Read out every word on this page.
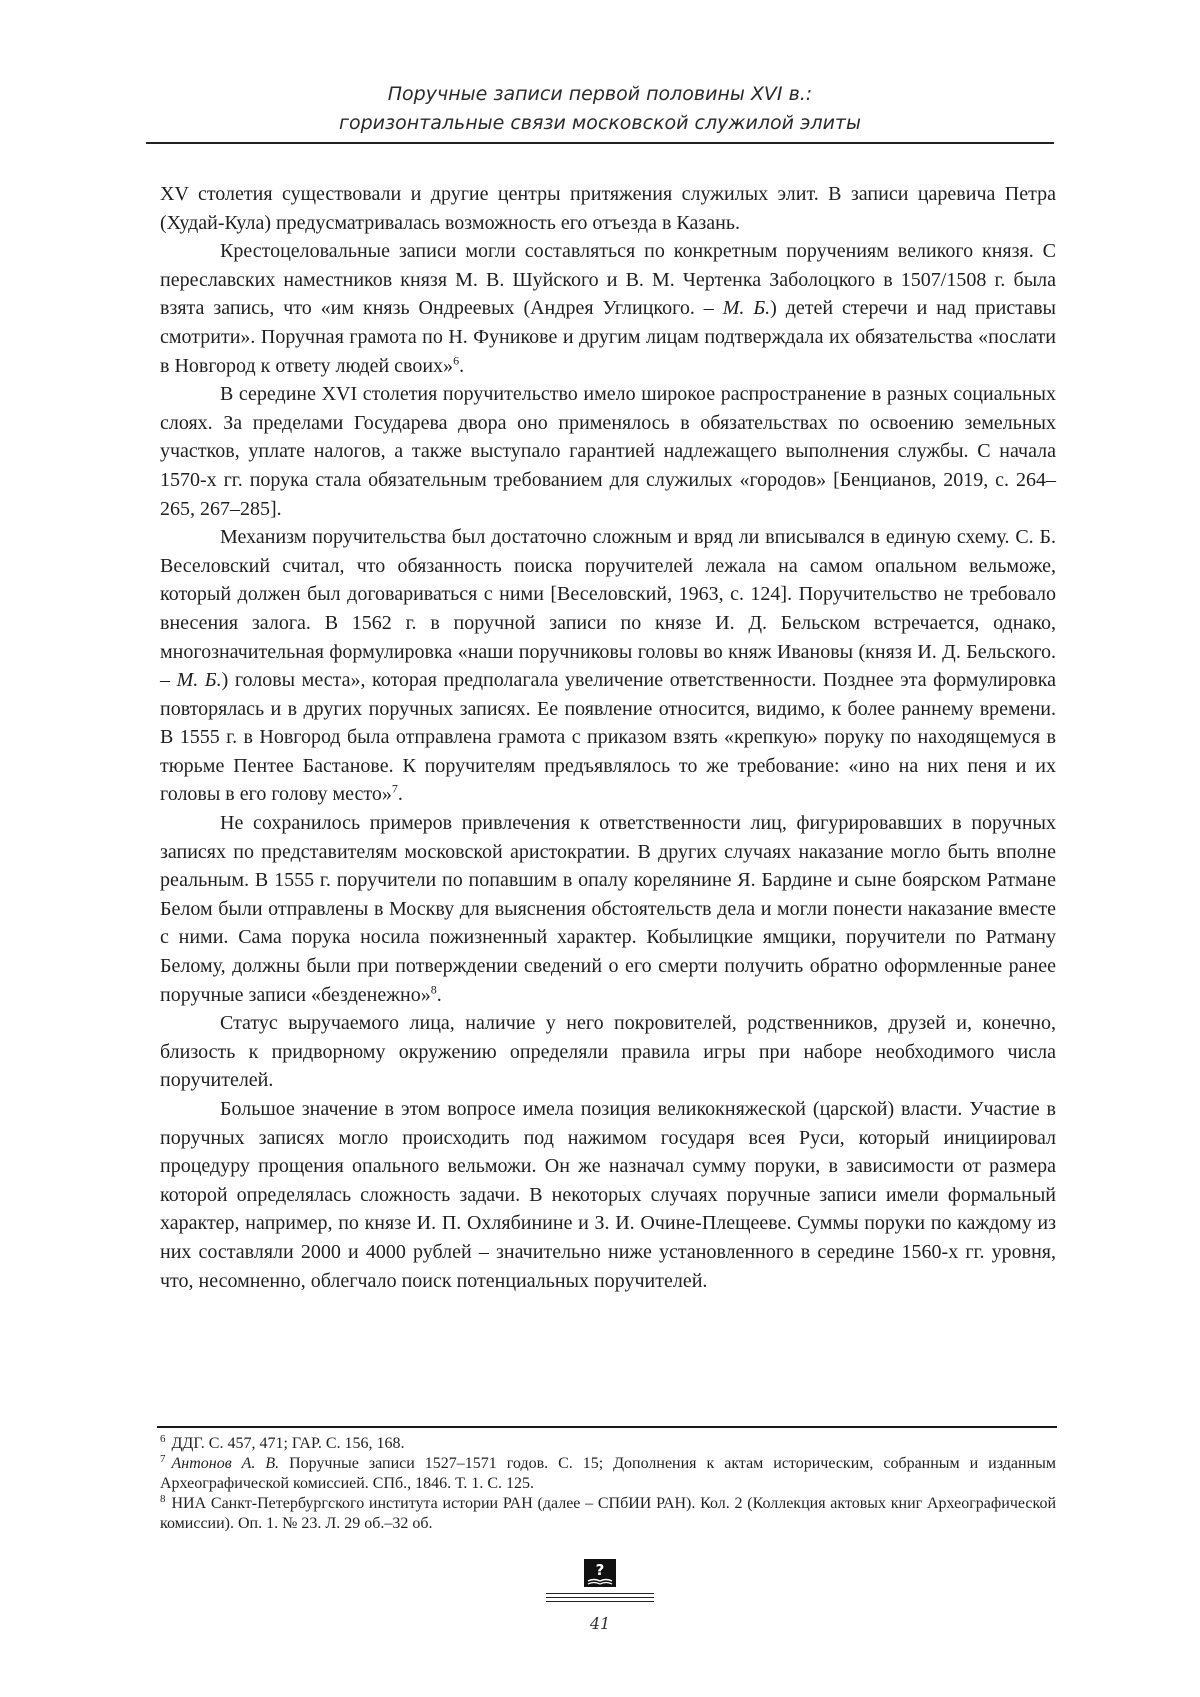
Поручные записи первой половины XVI в.:
горизонтальные связи московской служилой элиты

XV столетия существовали и другие центры притяжения служилых элит. В записи царевича Петра (Худай-Кула) предусматривалась возможность его отъезда в Казань.

Крестоцеловальные записи могли составляться по конкретным поручениям великого князя. С переславских наместников князя М. В. Шуйского и В. М. Чертенка Заболоцкого в 1507/1508 г. была взята запись, что «им князь Ондреевых (Андрея Углицкого. – М. Б.) детей стеречи и над приставы смотрити». Поручная грамота по Н. Фуникове и другим лицам подтверждала их обязательства «послати в Новгород к ответу людей своих»$^6$.

В середине XVI столетия поручительство имело широкое распространение в разных социальных слоях. За пределами Государева двора оно применялось в обязательствах по освоению земельных участков, уплате налогов, а также выступало гарантией надлежащего выполнения службы. С начала 1570-х гг. порука стала обязательным требованием для служилых «городов» [Бенцианов, 2019, с. 264–265, 267–285].

Механизм поручительства был достаточно сложным и вряд ли вписывался в единую схему. С. Б. Веселовский считал, что обязанность поиска поручителей лежала на самом опальном вельможе, который должен был договариваться с ними [Веселовский, 1963, с. 124]. Поручительство не требовало внесения залога. В 1562 г. в поручной записи по князе И. Д. Бельском встречается, однако, многозначительная формулировка «наши поручниковы головы во княж Ивановы (князя И. Д. Бельского. – М. Б.) головы места», которая предполагала увеличение ответственности. Позднее эта формулировка повторялась и в других поручных записях. Ее появление относится, видимо, к более раннему времени. В 1555 г. в Новгород была отправлена грамота с приказом взять «крепкую» поруку по находящемуся в тюрьме Пентее Бастанове. К поручителям предъявлялось то же требование: «ино на них пеня и их головы в его голову место»$^7$.

Не сохранилось примеров привлечения к ответственности лиц, фигурировавших в поручных записях по представителям московской аристократии. В других случаях наказание могло быть вполне реальным. В 1555 г. поручители по попавшим в опалу корелянине Я. Бардине и сыне боярском Ратмане Белом были отправлены в Москву для выяснения обстоятельств дела и могли понести наказание вместе с ними. Сама порука носила пожизненный характер. Кобылицкие ямщики, поручители по Ратману Белому, должны были при потверждении сведений о его смерти получить обратно оформленные ранее поручные записи «безденежно»$^8$.

Статус выручаемого лица, наличие у него покровителей, родственников, друзей и, конечно, близость к придворному окружению определяли правила игры при наборе необходимого числа поручителей.

Большое значение в этом вопросе имела позиция великокняжеской (царской) власти. Участие в поручных записях могло происходить под нажимом государя всея Руси, который инициировал процедуру прощения опального вельможи. Он же назначал сумму поруки, в зависимости от размера которой определялась сложность задачи. В некоторых случаях поручные записи имели формальный характер, например, по князе И. П. Охлябинине и З. И. Очине-Плещееве. Суммы поруки по каждому из них составляли 2000 и 4000 рублей – значительно ниже установленного в середине 1560-х гг. уровня, что, несомненно, облегчало поиск потенциальных поручителей.

$^6$ ДДГ. С. 457, 471; ГАР. С. 156, 168.

$^7$ Антонов А. В. Поручные записи 1527–1571 годов. С. 15; Дополнения к актам историческим, собранным и изданным Археографической комиссией. СПб., 1846. Т. 1. С. 125.

$^8$ НИА Санкт-Петербургского института истории РАН (далее – СПбИИ РАН). Кол. 2 (Коллекция актовых книг Археографической комиссии). Оп. 1. № 23. Л. 29 об.–32 об.

?
41
